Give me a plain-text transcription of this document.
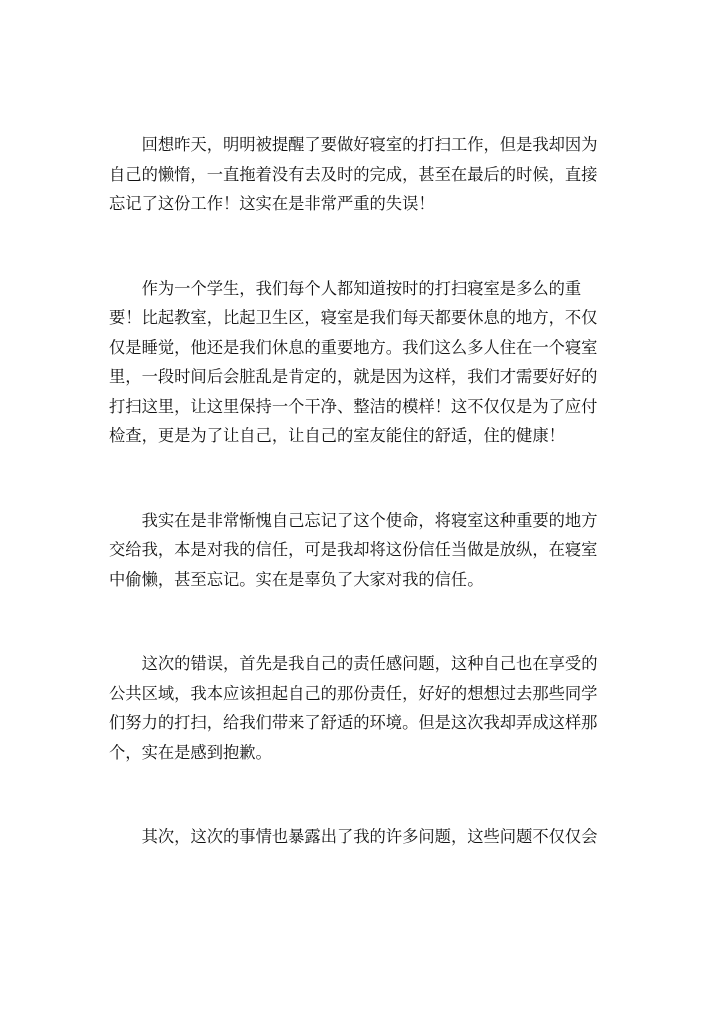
回想昨天，明明被提醒了要做好寝室的打扫工作，但是我却因为
自己的懒惰，一直拖着没有去及时的完成，甚至在最后的时候，直接
忘记了这份工作！这实在是非常严重的失误！

作为一个学生，我们每个人都知道按时的打扫寝室是多么的重
要！比起教室，比起卫生区，寝室是我们每天都要休息的地方，不仅
仅是睡觉，他还是我们休息的重要地方。我们这么多人住在一个寝室
里，一段时间后会脏乱是肯定的，就是因为这样，我们才需要好好的
打扫这里，让这里保持一个干净、整洁的模样！这不仅仅是为了应付
检查，更是为了让自己，让自己的室友能住的舒适，住的健康！

我实在是非常惭愧自己忘记了这个使命，将寝室这种重要的地方
交给我，本是对我的信任，可是我却将这份信任当做是放纵，在寝室
中偷懒，甚至忘记。实在是辜负了大家对我的信任。

这次的错误，首先是我自己的责任感问题，这种自己也在享受的
公共区域，我本应该担起自己的那份责任，好好的想想过去那些同学
们努力的打扫，给我们带来了舒适的环境。但是这次我却弄成这样那
个，实在是感到抱歉。

其次，这次的事情也暴露出了我的许多问题，这些问题不仅仅会
